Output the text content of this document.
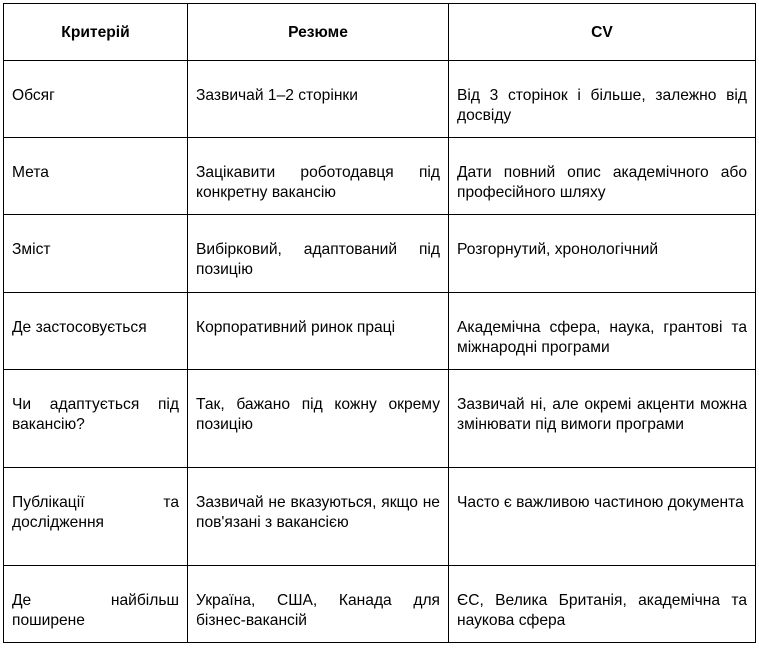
Критерій	Резюме	CV
Обсяг	Зазвичай 1–2 сторінки	Від 3 сторінок і більше, залежно від досвіду
Мета	Зацікавити роботодавця під конкретну вакансію	Дати повний опис академічного або професійного шляху
Зміст	Вибірковий, адаптований під позицію	Розгорнутий, хронологічний
Де застосовується	Корпоративний ринок праці	Академічна сфера, наука, грантові та міжнародні програми
Чи адаптується під вакансію?	Так, бажано під кожну окрему позицію	Зазвичай ні, але окремі акценти можна змінювати під вимоги програми
Публікації та дослідження	Зазвичай не вказуються, якщо не пов'язані з вакансією	Часто є важливою частиною документа
Де найбільш поширене	Україна, США, Канада для бізнес-вакансій	ЄС, Велика Британія, академічна та наукова сфера
